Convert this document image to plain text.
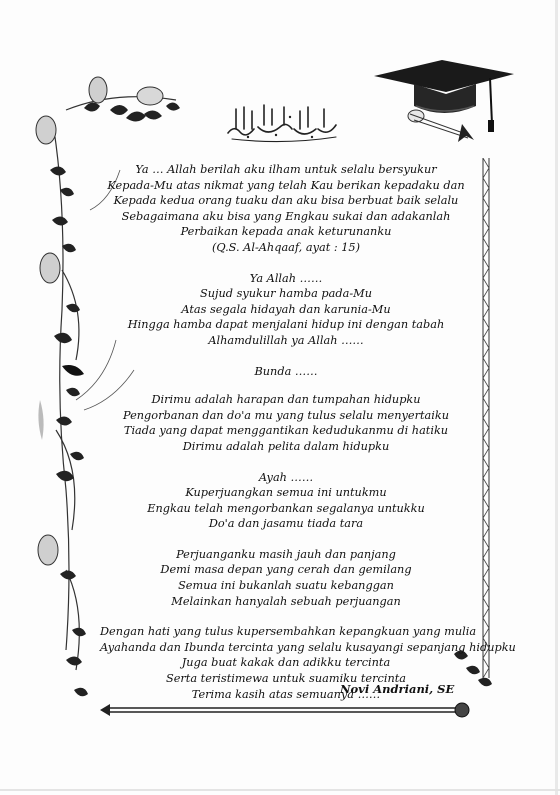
Ya … Allah berilah aku ilham untuk selalu bersyukur
Kepada-Mu atas nikmat yang telah Kau berikan kepadaku dan
Kepada kedua orang tuaku dan aku bisa berbuat baik selalu
Sebagaimana aku bisa yang Engkau sukai dan adakanlah
Perbaikan kepada anak keturunanku
(Q.S. Al-Ahqaaf, ayat : 15)
Ya Allah ……
Sujud syukur hamba pada-Mu
Atas segala hidayah dan karunia-Mu
Hingga hamba dapat menjalani hidup ini dengan tabah
Alhamdulillah ya Allah ……
Bunda ……
Dirimu adalah harapan dan tumpahan hidupku
Pengorbanan dan do'a mu yang tulus selalu menyertaiku
Tiada yang dapat menggantikan kedudukanmu di hatiku
Dirimu adalah pelita dalam hidupku
Ayah ……
Kuperjuangkan semua ini untukmu
Engkau telah mengorbankan segalanya untukku
Do'a dan jasamu tiada tara
Perjuanganku masih jauh dan panjang
Demi masa depan yang cerah dan gemilang
Semua ini bukanlah suatu kebanggan
Melainkan hanyalah sebuah perjuangan
Dengan hati yang tulus kupersembahkan kepangkuan yang mulia
Ayahanda dan Ibunda tercinta yang selalu kusayangi sepanjang hidupku
Juga buat kakak dan adikku tercinta
Serta teristimewa untuk suamiku tercinta
Terima kasih atas semuanya ……
Novi Andriani, SE
